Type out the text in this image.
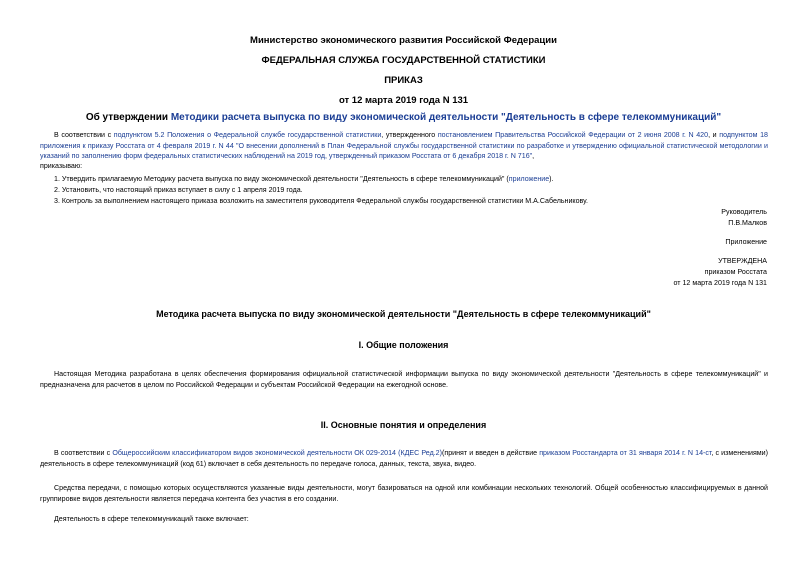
Министерство экономического развития Российской Федерации
ФЕДЕРАЛЬНАЯ СЛУЖБА ГОСУДАРСТВЕННОЙ СТАТИСТИКИ
ПРИКАЗ
от 12 марта 2019 года N 131
Об утверждении Методики расчета выпуска по виду экономической деятельности "Деятельность в сфере телекоммуникаций"
В соответствии с подпунктом 5.2 Положения о Федеральной службе государственной статистики, утвержденного постановлением Правительства Российской Федерации от 2 июня 2008 г. N 420, и подпунктом 18 приложения к приказу Росстата от 4 февраля 2019 г. N 44 "О внесении дополнений в План Федеральной службы государственной статистики по разработке и утверждению официальной статистической методологии и указаний по заполнению форм федеральных статистических наблюдений на 2019 год, утвержденный приказом Росстата от 6 декабря 2018 г. N 716",
приказываю:
1. Утвердить прилагаемую Методику расчета выпуска по виду экономической деятельности "Деятельность в сфере телекоммуникаций" (приложение).
2. Установить, что настоящий приказ вступает в силу с 1 апреля 2019 года.
3. Контроль за выполнением настоящего приказа возложить на заместителя руководителя Федеральной службы государственной статистики М.А.Сабельникову.
Руководитель
П.В.Малков
Приложение
УТВЕРЖДЕНА
приказом Росстата
от 12 марта 2019 года N 131
Методика расчета выпуска по виду экономической деятельности "Деятельность в сфере телекоммуникаций"
I. Общие положения
Настоящая Методика разработана в целях обеспечения формирования официальной статистической информации выпуска по виду экономической деятельности "Деятельность в сфере телекоммуникаций" и предназначена для расчетов в целом по Российской Федерации и субъектам Российской Федерации на ежегодной основе.
II. Основные понятия и определения
В соответствии с Общероссийским классификатором видов экономической деятельности ОК 029-2014 (КДЕС Ред.2)(принят и введен в действие приказом Росстандарта от 31 января 2014 г. N 14-ст, с изменениями) деятельность в сфере телекоммуникаций (код 61) включает в себя деятельность по передаче голоса, данных, текста, звука, видео.
Средства передачи, с помощью которых осуществляются указанные виды деятельности, могут базироваться на одной или комбинации нескольких технологий. Общей особенностью классифицируемых в данной группировке видов деятельности является передача контента без участия в его создании.
Деятельность в сфере телекоммуникаций также включает:
